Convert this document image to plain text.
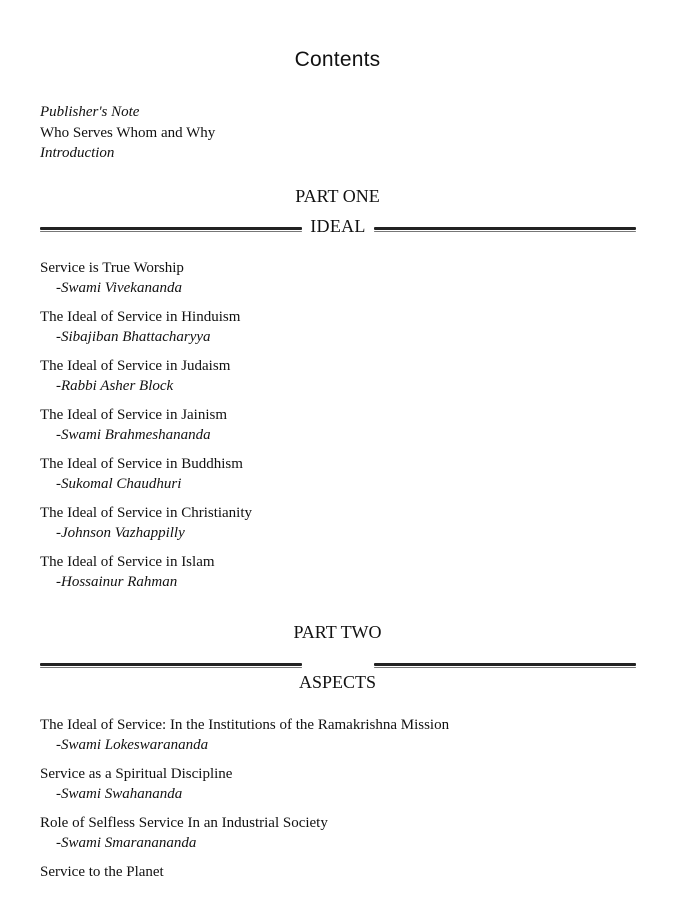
Contents
Publisher's Note
Who Serves Whom and Why
Introduction
PART ONE
IDEAL
Service is True Worship
-Swami Vivekananda
The Ideal of Service in Hinduism
-Sibajiban Bhattacharyya
The Ideal of Service in Judaism
-Rabbi Asher Block
The Ideal of Service in Jainism
-Swami Brahmeshananda
The Ideal of Service in Buddhism
-Sukomal Chaudhuri
The Ideal of Service in Christianity
-Johnson Vazhappilly
The Ideal of Service in Islam
-Hossainur Rahman
PART TWO
ASPECTS
The Ideal of Service: In the Institutions of the Ramakrishna Mission
-Swami Lokeswarananda
Service as a Spiritual Discipline
-Swami Swahananda
Role of Selfless Service In an Industrial Society
-Swami Smaranananda
Service to the Planet
